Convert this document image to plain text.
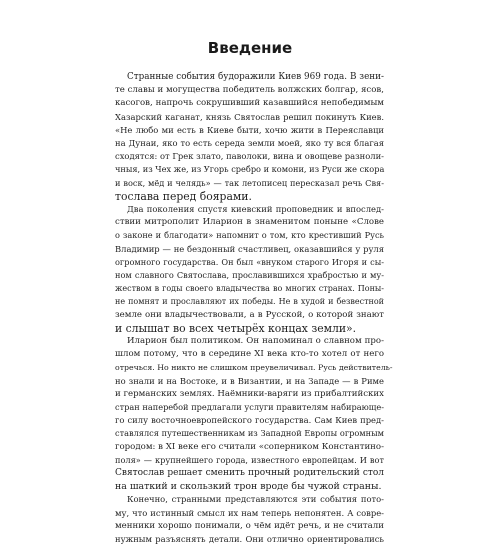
Введение
Странные события будоражили Киев 969 года. В зени-
те славы и могущества победитель волжских болгар, ясов,
касогов, напрочь сокрушивший казавшийся непобедимым
Хазарский каганат, князь Святослав решил покинуть Киев.
«Не любо ми есть в Киеве быти, хочю жити в Переяславци
на Дунаи, яко то есть середа земли моей, яко ту вся благая
сходятся: от Грек злато, паволоки, вина и овощеве разноли-
чныя, из Чех же, из Угорь сребро и комони, из Руси же скора
и воск, мёд и челядь» — так летописец пересказал речь Свя-
тослава перед боярами.
Два поколения спустя киевский проповедник и впослед-
ствии митрополит Иларион в знаменитом поныне «Слове
о законе и благодати» напомнит о том, кто крестивший Русь
Владимир — не бездонный счастливец, оказавшийся у руля
огромного государства. Он был «внуком старого Игоря и сы-
ном славного Святослава, прославившихся храбростью и му-
жеством в годы своего владычества во многих странах. Поны-
не помнят и прославляют их победы. Не в худой и безвестной
земле они владычествовали, а в Русской, о которой знают
и слышат во всех четырёх концах земли».
Иларион был политиком. Он напоминал о славном про-
шлом потому, что в середине XI века кто-то хотел от него
отречься. Но никто не слишком преувеличивал. Русь действитель-
но знали и на Востоке, и в Византии, и на Западе — в Риме
и германских землях. Наёмники-варяги из прибалтийских
стран наперебой предлагали услуги правителям набирающе-
го силу восточноевропейского государства. Сам Киев пред-
ставлялся путешественникам из Западной Европы огромным
городом: в XI веке его считали «соперником Константино-
поля» — крупнейшего города, известного европейцам. И вот
Святослав решает сменить прочный родительский стол
на шаткий и скользкий трон вроде бы чужой страны.
Конечно, странными представляются эти события пото-
му, что истинный смысл их нам теперь непонятен. А совре-
менники хорошо понимали, о чём идёт речь, и не считали
нужным разъяснять детали. Они отлично ориентировались
